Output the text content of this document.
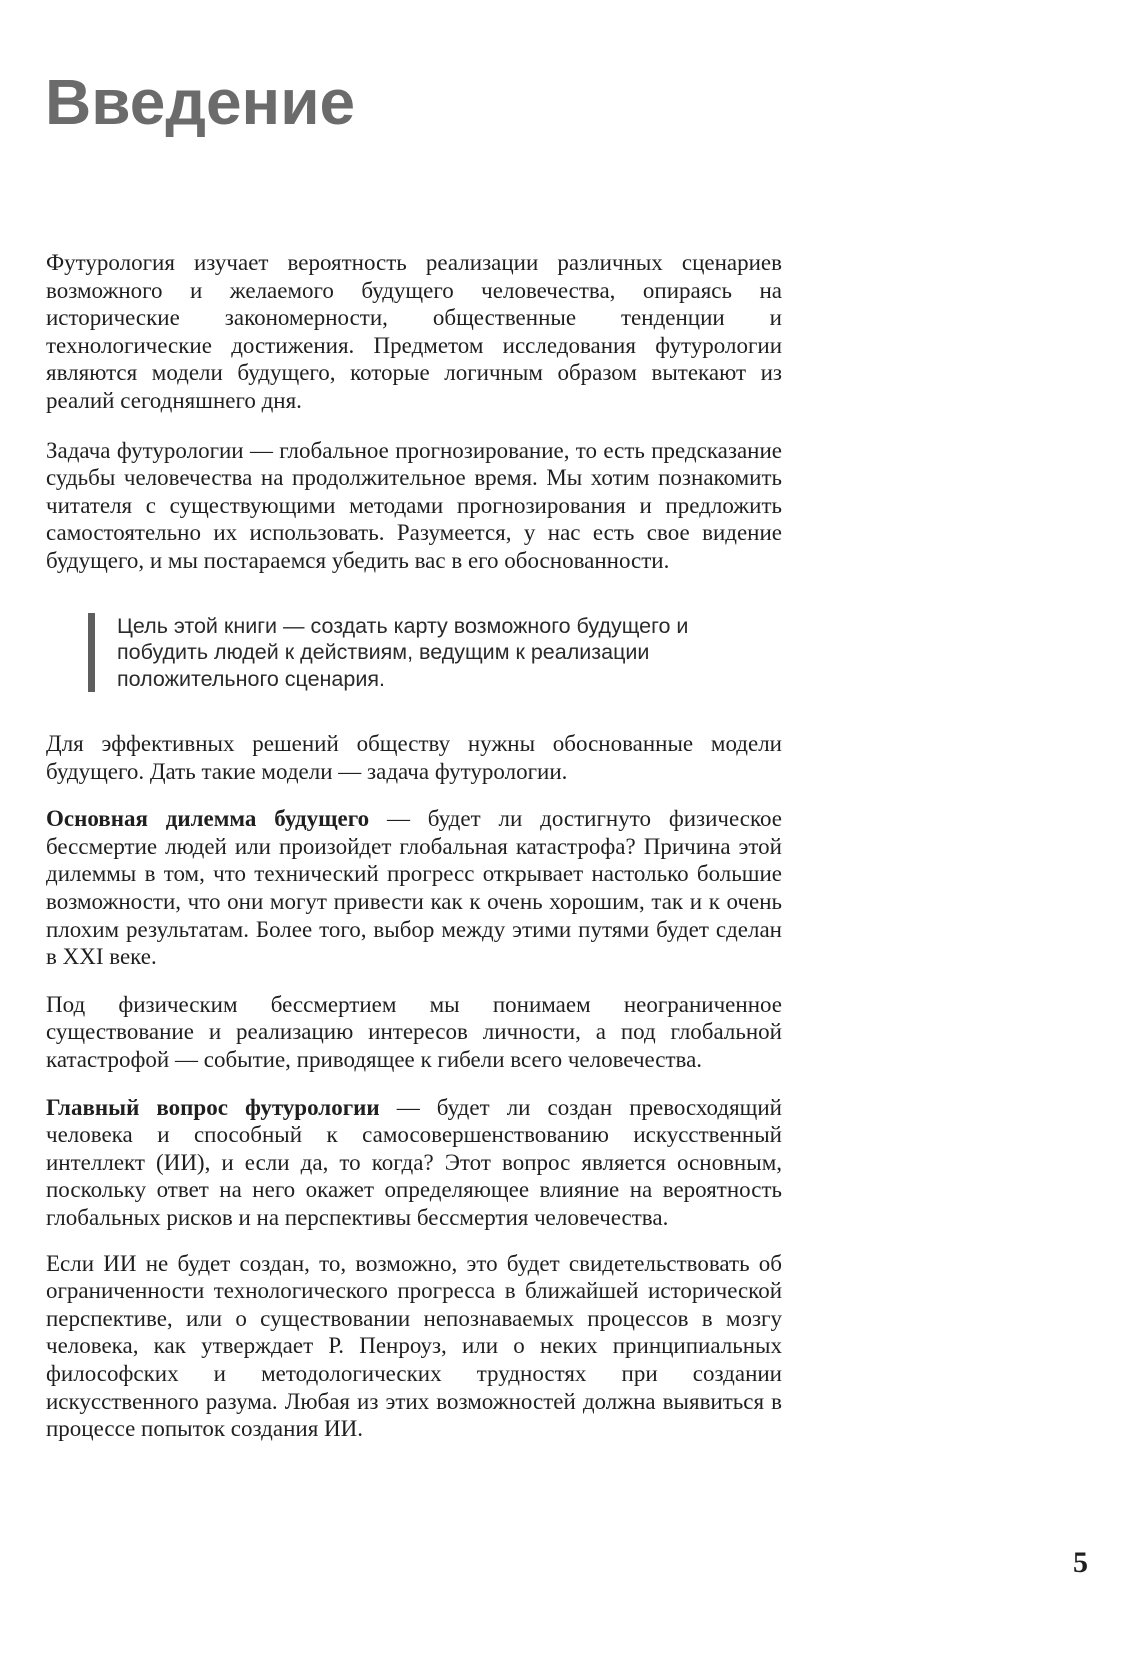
Введение

Футурология изучает вероятность реализации различных сценариев возможного и желаемого будущего человечества, опираясь на исторические закономерности, общественные тенденции и технологические достижения. Предметом исследования футурологии являются модели будущего, которые логичным образом вытекают из реалий сегодняшнего дня.

Задача футурологии — глобальное прогнозирование, то есть предсказание судьбы человечества на продолжительное время. Мы хотим познакомить читателя с существующими методами прогнозирования и предложить самостоятельно их использовать. Разумеется, у нас есть свое видение будущего, и мы постараемся убедить вас в его обоснованности.

Цель этой книги — создать карту возможного будущего и побудить людей к действиям, ведущим к реализации положительного сценария.

Для эффективных решений обществу нужны обоснованные модели будущего. Дать такие модели — задача футурологии.

Основная дилемма будущего — будет ли достигнуто физическое бессмертие людей или произойдет глобальная катастрофа? Причина этой дилеммы в том, что технический прогресс открывает настолько большие возможности, что они могут привести как к очень хорошим, так и к очень плохим результатам. Более того, выбор между этими путями будет сделан в XXI веке.

Под физическим бессмертием мы понимаем неограниченное существование и реализацию интересов личности, а под глобальной катастрофой — событие, приводящее к гибели всего человечества.

Главный вопрос футурологии — будет ли создан превосходящий человека и способный к самосовершенствованию искусственный интеллект (ИИ), и если да, то когда? Этот вопрос является основным, поскольку ответ на него окажет определяющее влияние на вероятность глобальных рисков и на перспективы бессмертия человечества.

Если ИИ не будет создан, то, возможно, это будет свидетельствовать об ограниченности технологического прогресса в ближайшей исторической перспективе, или о существовании непознаваемых процессов в мозгу человека, как утверждает Р. Пенроуз, или о неких принципиальных философских и методологических трудностях при создании искусственного разума. Любая из этих возможностей должна выявиться в процессе попыток создания ИИ.

5
